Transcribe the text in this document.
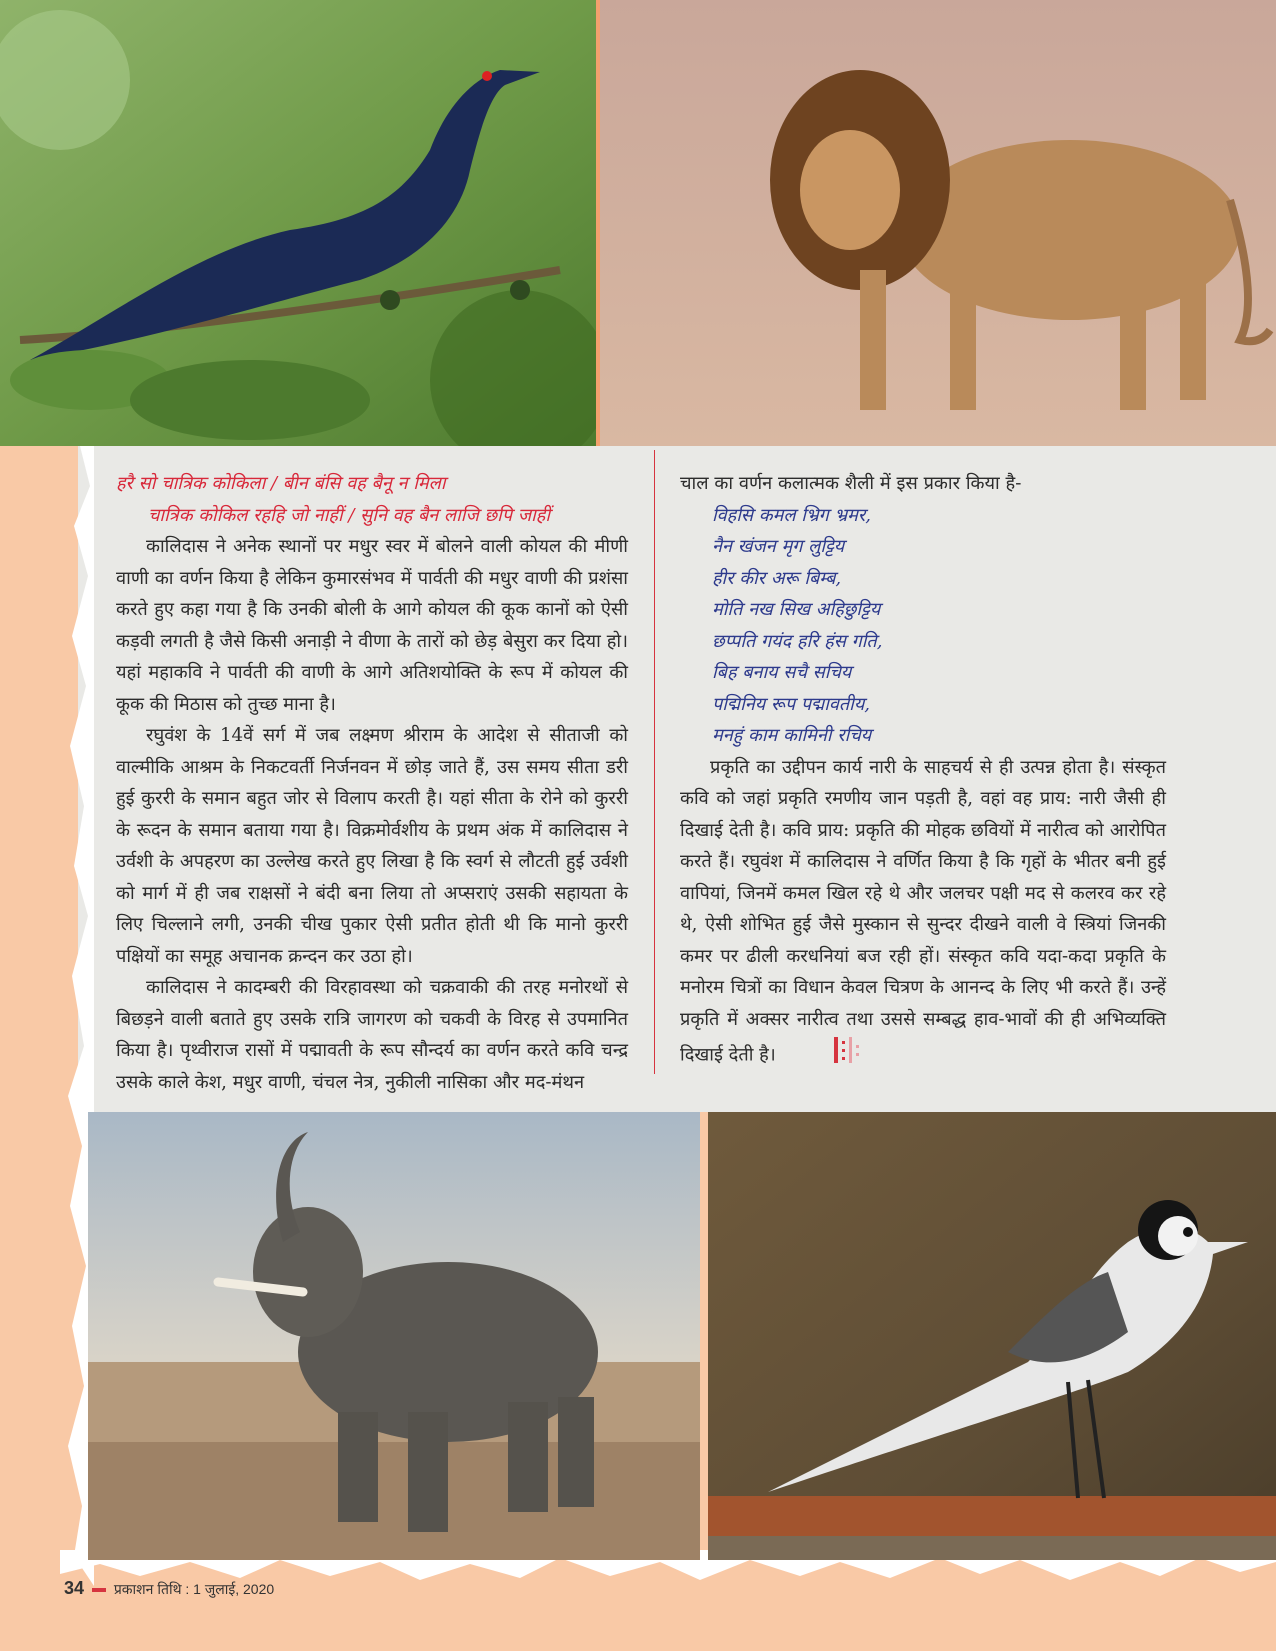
हरै सो चात्रिक कोकिला / बीन बंसि वह बैनू न मिला

चात्रिक कोकिल रहहि जो नाहीं / सुनि वह बैन लाजि छपि जाहीं

कालिदास ने अनेक स्थानों पर मधुर स्वर में बोलने वाली कोयल की मीणी वाणी का वर्णन किया है लेकिन कुमारसंभव में पार्वती की मधुर वाणी की प्रशंसा करते हुए कहा गया है कि उनकी बोली के आगे कोयल की कूक कानों को ऐसी कड़वी लगती है जैसे किसी अनाड़ी ने वीणा के तारों को छेड़ बेसुरा कर दिया हो। यहां महाकवि ने पार्वती की वाणी के आगे अतिशयोक्ति के रूप में कोयल की कूक की मिठास को तुच्छ माना है।

रघुवंश के 14वें सर्ग में जब लक्ष्मण श्रीराम के आदेश से सीताजी को वाल्मीकि आश्रम के निकटवर्ती निर्जनवन में छोड़ जाते हैं, उस समय सीता डरी हुई कुररी के समान बहुत जोर से विलाप करती है। यहां सीता के रोने को कुररी के रूदन के समान बताया गया है। विक्रमोर्वशीय के प्रथम अंक में कालिदास ने उर्वशी के अपहरण का उल्लेख करते हुए लिखा है कि स्वर्ग से लौटती हुई उर्वशी को मार्ग में ही जब राक्षसों ने बंदी बना लिया तो अप्सराएं उसकी सहायता के लिए चिल्लाने लगी, उनकी चीख पुकार ऐसी प्रतीत होती थी कि मानो कुररी पक्षियों का समूह अचानक क्रन्दन कर उठा हो।

कालिदास ने कादम्बरी की विरहावस्था को चक्रवाकी की तरह मनोरथों से बिछड़ने वाली बताते हुए उसके रात्रि जागरण को चकवी के विरह से उपमानित किया है। पृथ्वीराज रासों में पद्मावती के रूप सौन्दर्य का वर्णन करते कवि चन्द्र उसके काले केश, मधुर वाणी, चंचल नेत्र, नुकीली नासिका और मद-मंथन

चाल का वर्णन कलात्मक शैली में इस प्रकार किया है-

विहसि कमल भ्रिग भ्रमर,

नैन खंजन मृग लुट्टिय

हीर कीर अरू बिम्ब,

मोति नख सिख अहिछुट्टिय

छप्पति गयंद हरि हंस गति,

बिह बनाय सचै सचिय

पद्मिनिय रूप पद्मावतीय,

मनहुं काम कामिनी रचिय

प्रकृति का उद्दीपन कार्य नारी के साहचर्य से ही उत्पन्न होता है। संस्कृत कवि को जहां प्रकृति रमणीय जान पड़ती है, वहां वह प्राय: नारी जैसी ही दिखाई देती है। कवि प्राय: प्रकृति की मोहक छवियों में नारीत्व को आरोपित करते हैं। रघुवंश में कालिदास ने वर्णित किया है कि गृहों के भीतर बनी हुई वापियां, जिनमें कमल खिल रहे थे और जलचर पक्षी मद से कलरव कर रहे थे, ऐसी शोभित हुई जैसे मुस्कान से सुन्दर दीखने वाली वे स्त्रियां जिनकी कमर पर ढीली करधनियां बज रही हों। संस्कृत कवि यदा-कदा प्रकृति के मनोरम चित्रों का विधान केवल चित्रण के आनन्द के लिए भी करते हैं। उन्हें प्रकृति में अक्सर नारीत्व तथा उससे सम्बद्ध हाव-भावों की ही अभिव्यक्ति दिखाई देती है।

34 प्रकाशन तिथि : 1 जुलाई, 2020
